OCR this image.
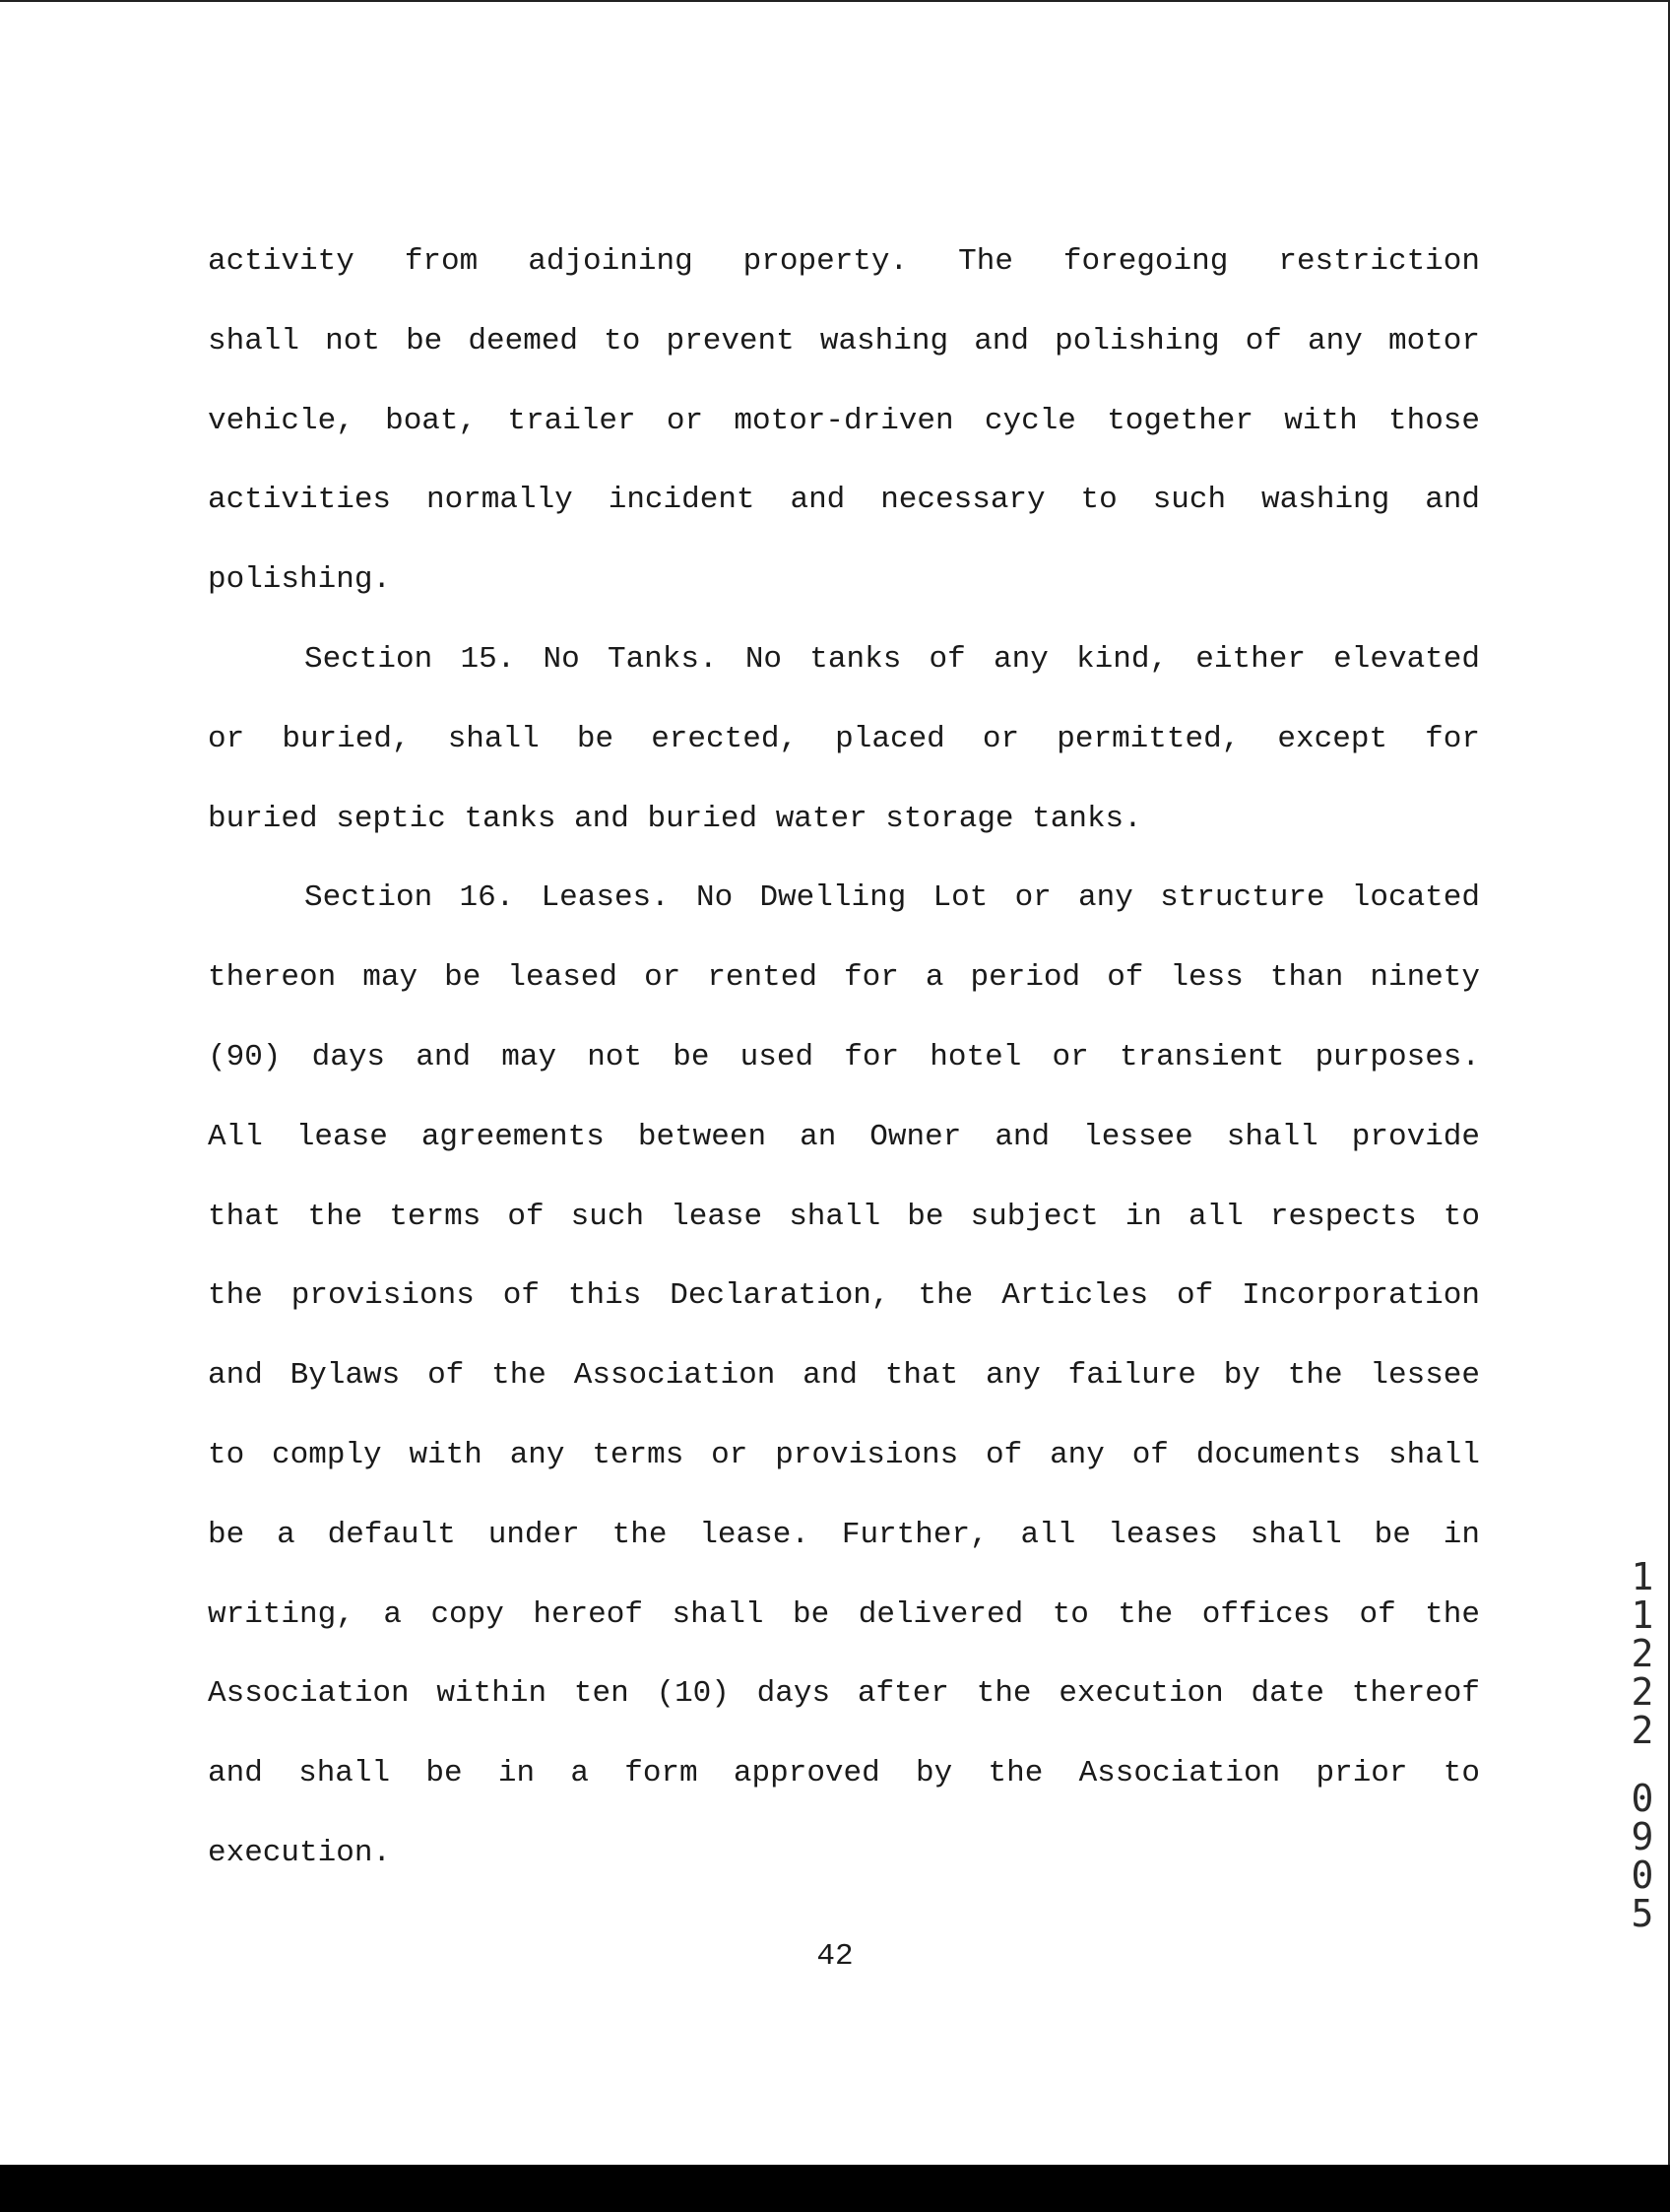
activity from adjoining property. The foregoing restriction
shall not be deemed to prevent washing and polishing of any motor
vehicle, boat, trailer or motor-driven cycle together with those
activities normally incident and necessary to such washing and
polishing.
Section 15. No Tanks. No tanks of any kind, either elevated
or buried, shall be erected, placed or permitted, except for
buried septic tanks and buried water storage tanks.
Section 16. Leases. No Dwelling Lot or any structure located
thereon may be leased or rented for a period of less than ninety
(90) days and may not be used for hotel or transient purposes.
All lease agreements between an Owner and lessee shall provide
that the terms of such lease shall be subject in all respects to
the provisions of this Declaration, the Articles of Incorporation
and Bylaws of the Association and that any failure by the lessee
to comply with any terms or provisions of any of documents shall
be a default under the lease. Further, all leases shall be in
writing, a copy hereof shall be delivered to the offices of the
Association within ten (10) days after the execution date thereof
and shall be in a form approved by the Association prior to
execution.
42
1
1
2
2
2
0
9
0
5
